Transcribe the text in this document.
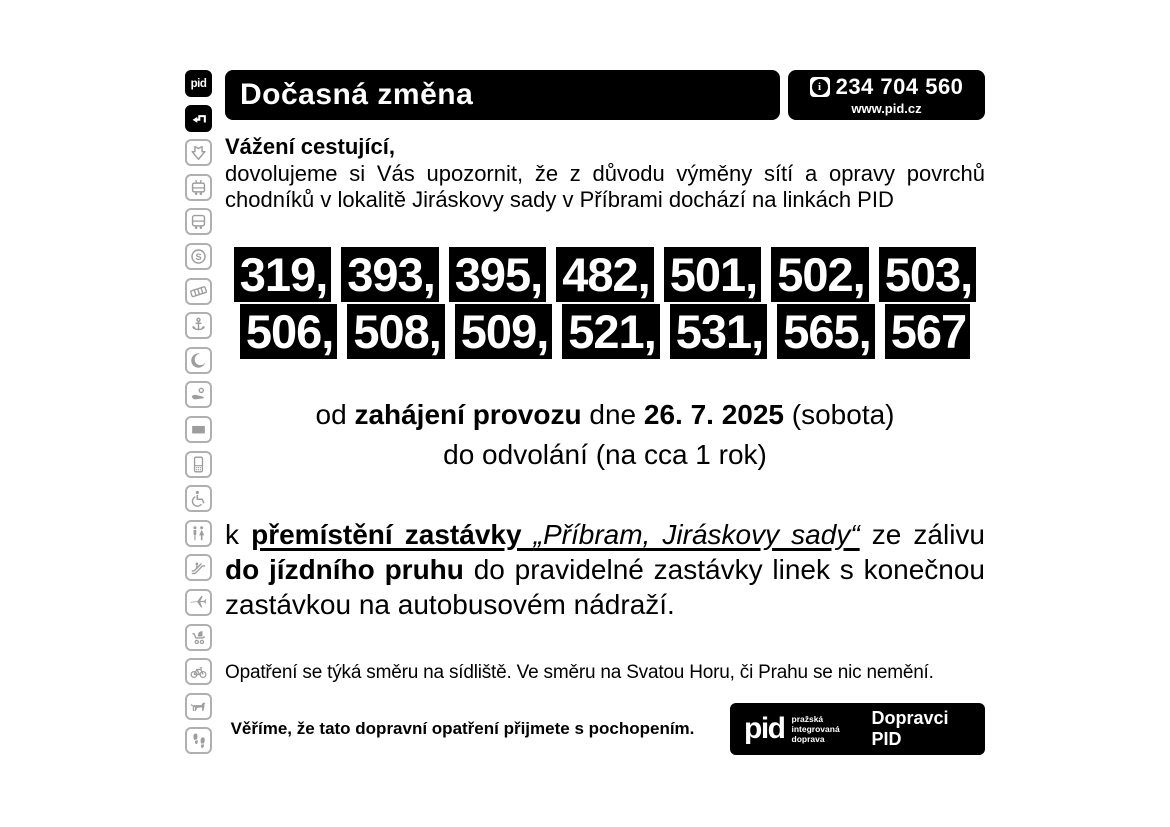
pid
S
Dočasná změna	i 234 704 560
www.pid.cz

Vážení cestující,
dovolujeme si Vás upozornit, že z důvodu výměny sítí a opravy povrchů chodníků v lokalitě Jiráskovy sady v Příbrami dochází na linkách PID

319, 393, 395, 482, 501, 502, 503,
506, 508, 509, 521, 531, 565, 567
od zahájení provozu dne 26. 7. 2025 (sobota)
do odvolání (na cca 1 rok)

k přemístění zastávky „Příbram, Jiráskovy sady“ ze zálivu do jízdního pruhu do pravidelné zastávky linek s konečnou zastávkou na autobusovém nádraží.

Opatření se týká směru na sídliště. Ve směru na Svatou Horu, či Prahu se nic nemění.

Věříme, že tato dopravní opatření přijmete s pochopením.	pid pražská integrovaná
doprava
Dopravci PID
